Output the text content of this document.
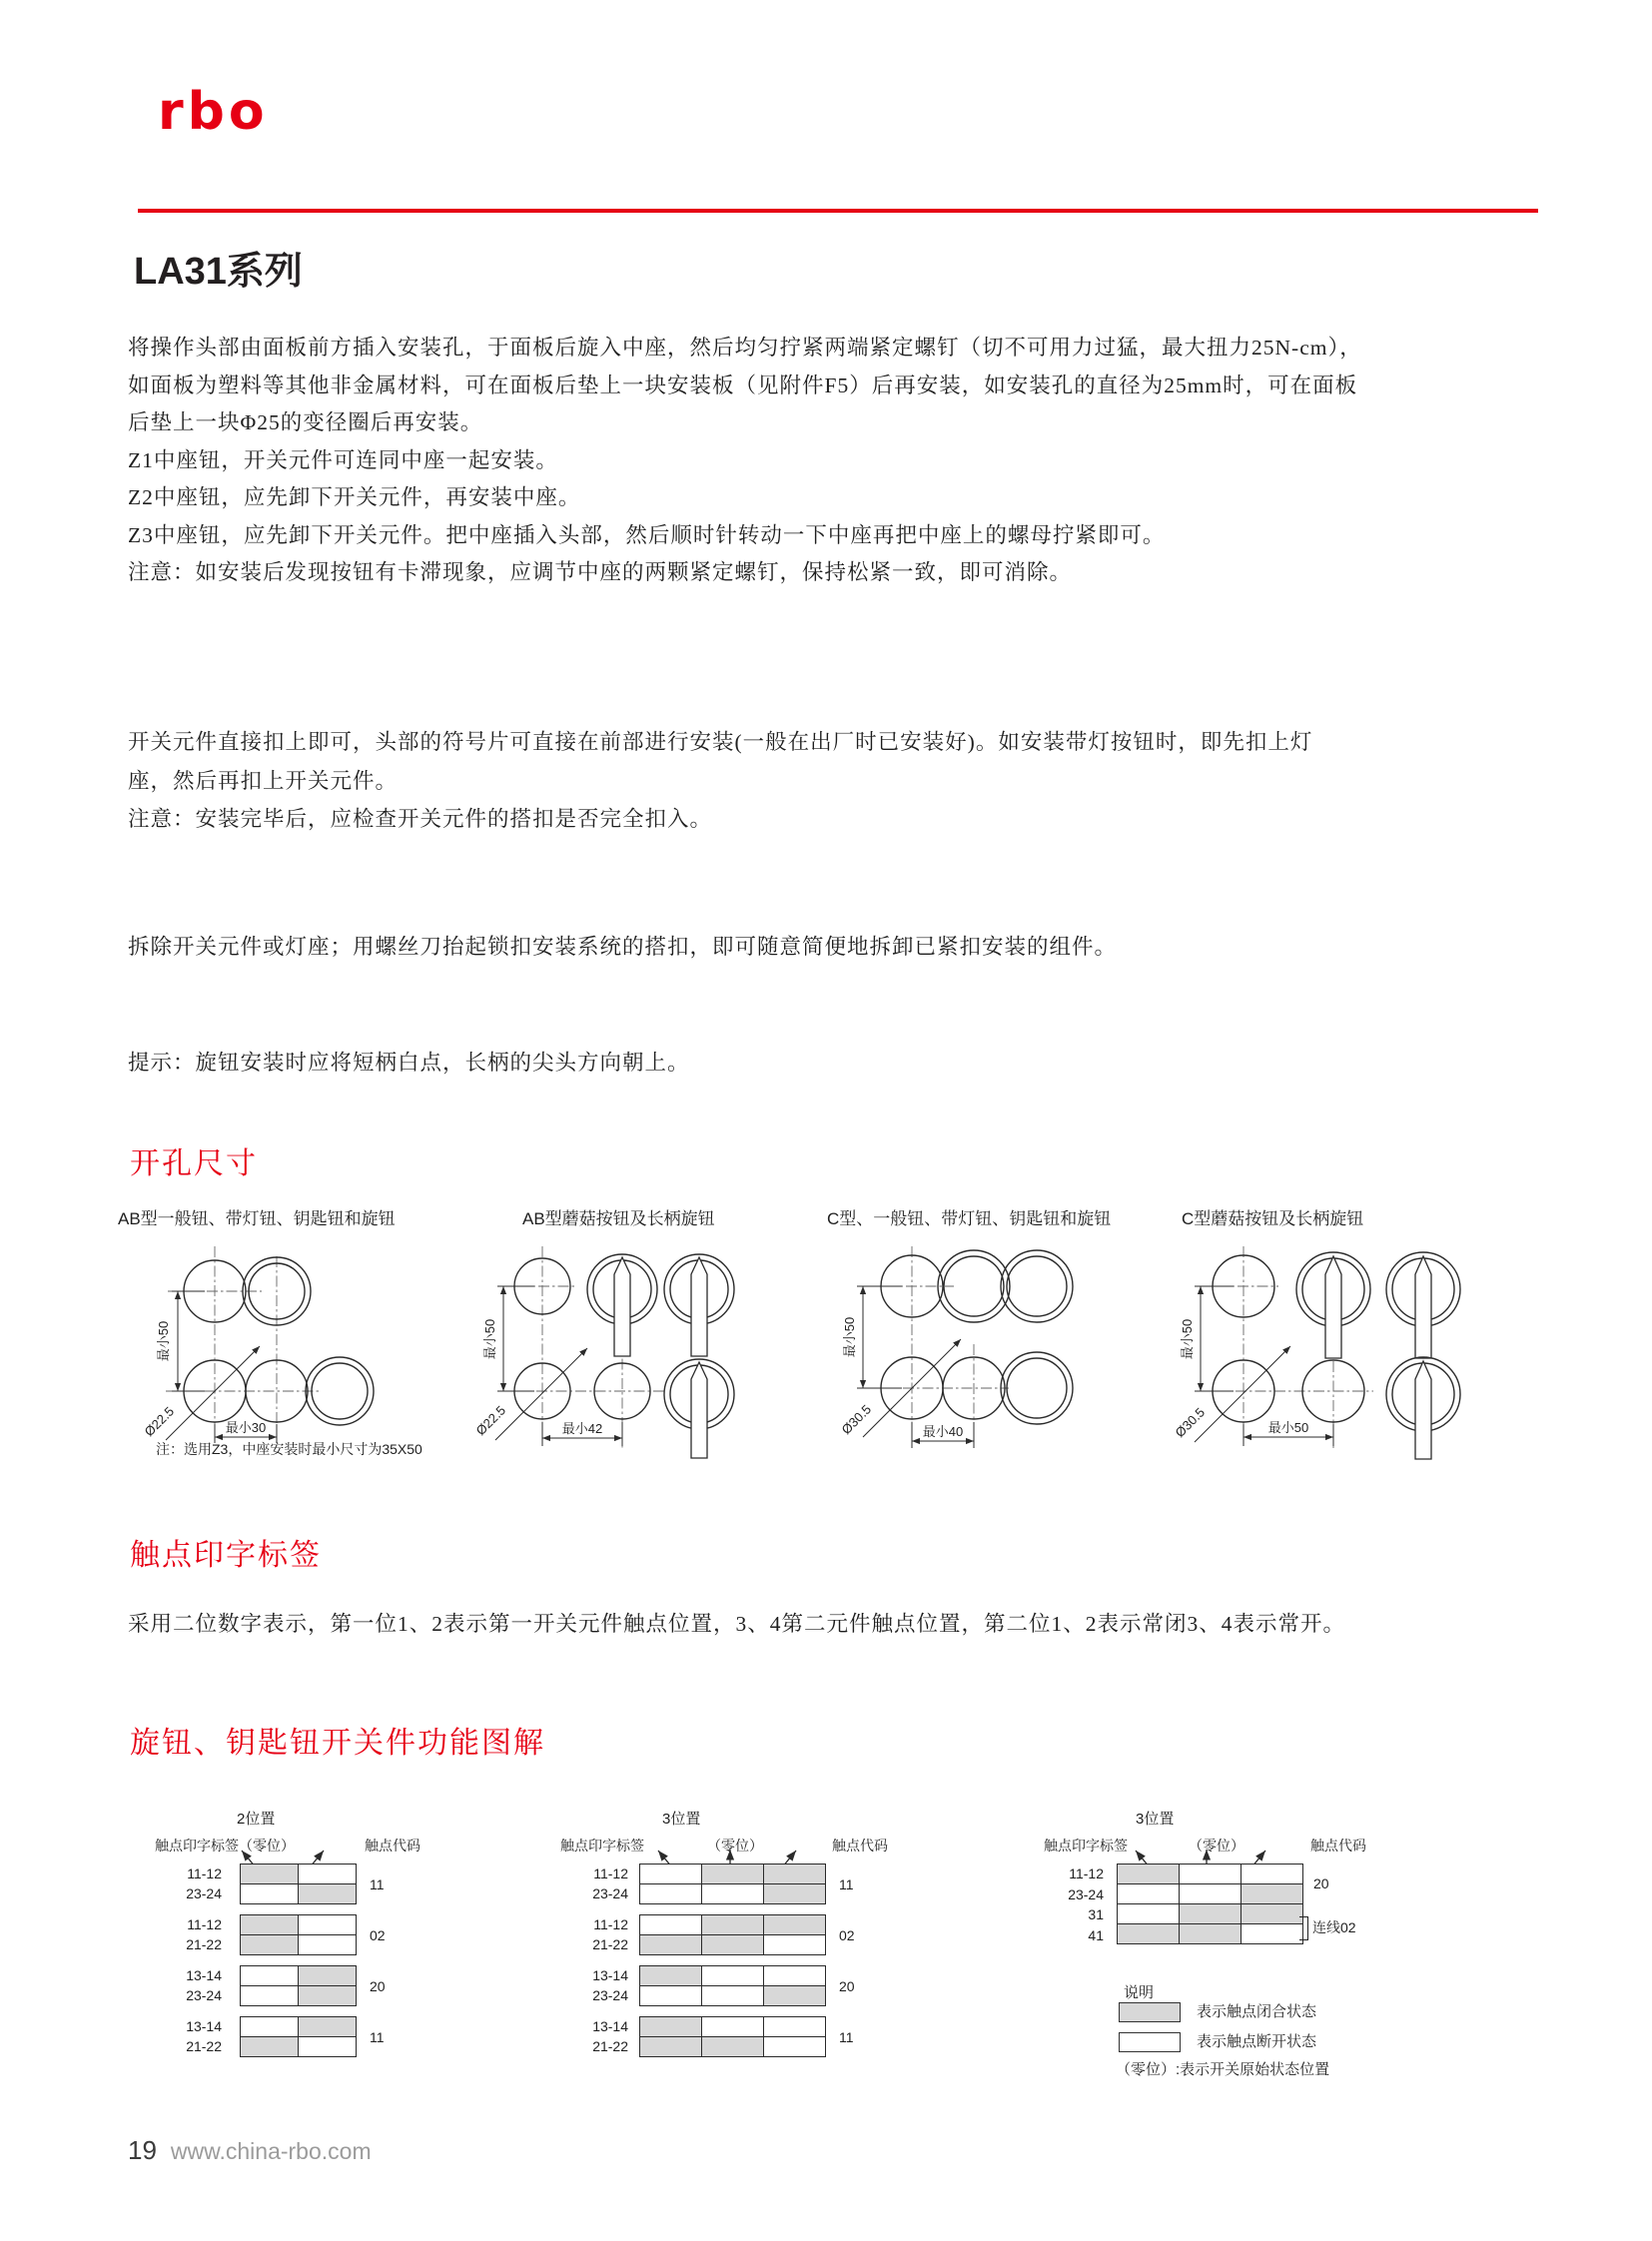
rbo
LA31系列
将操作头部由面板前方插入安装孔，于面板后旋入中座，然后均匀拧紧两端紧定螺钉（切不可用力过猛，最大扭力25N-cm），
如面板为塑料等其他非金属材料，可在面板后垫上一块安装板（见附件F5）后再安装，如安装孔的直径为25mm时，可在面板
后垫上一块Φ25的变径圈后再安装。
Z1中座钮，开关元件可连同中座一起安装。
Z2中座钮，应先卸下开关元件，再安装中座。
Z3中座钮，应先卸下开关元件。把中座插入头部，然后顺时针转动一下中座再把中座上的螺母拧紧即可。
注意：如安装后发现按钮有卡滞现象，应调节中座的两颗紧定螺钉，保持松紧一致，即可消除。
开关元件直接扣上即可，头部的符号片可直接在前部进行安装(一般在出厂时已安装好)。如安装带灯按钮时，即先扣上灯
座，然后再扣上开关元件。
注意：安装完毕后，应检查开关元件的搭扣是否完全扣入。
拆除开关元件或灯座；用螺丝刀抬起锁扣安装系统的搭扣，即可随意简便地拆卸已紧扣安装的组件。
提示：旋钮安装时应将短柄白点，长柄的尖头方向朝上。
开孔尺寸
AB型一般钮、带灯钮、钥匙钮和旋钮	AB型蘑菇按钮及长柄旋钮	C型、一般钮、带灯钮、钥匙钮和旋钮	C型蘑菇按钮及长柄旋钮
最小50
最小30
Ø22.5
最小50
最小42
Ø22.5
最小50
最小40
Ø30.5
最小50
最小50
Ø30.5
注：选用Z3，中座安装时最小尺寸为35X50
触点印字标签
采用二位数字表示，第一位1、2表示第一开关元件触点位置，3、4第二元件触点位置，第二位1、2表示常闭3、4表示常开。
旋钮、钥匙钮开关件功能图解
2位置
触点印字标签（零位）	触点代码
11-12
23-24

11
11-12
21-22

02
13-14
23-24

20
13-14
21-22

11
3位置
触点印字标签	（零位）	触点代码
11-12
23-24

11
11-12
21-22

02
13-14
23-24

20
13-14
21-22

11
3位置
触点印字标签	（零位）	触点代码
11-12
23-24
31
41

20
连线02
说明
表示触点闭合状态
表示触点断开状态
（零位）:表示开关原始状态位置
19 www.china-rbo.com
